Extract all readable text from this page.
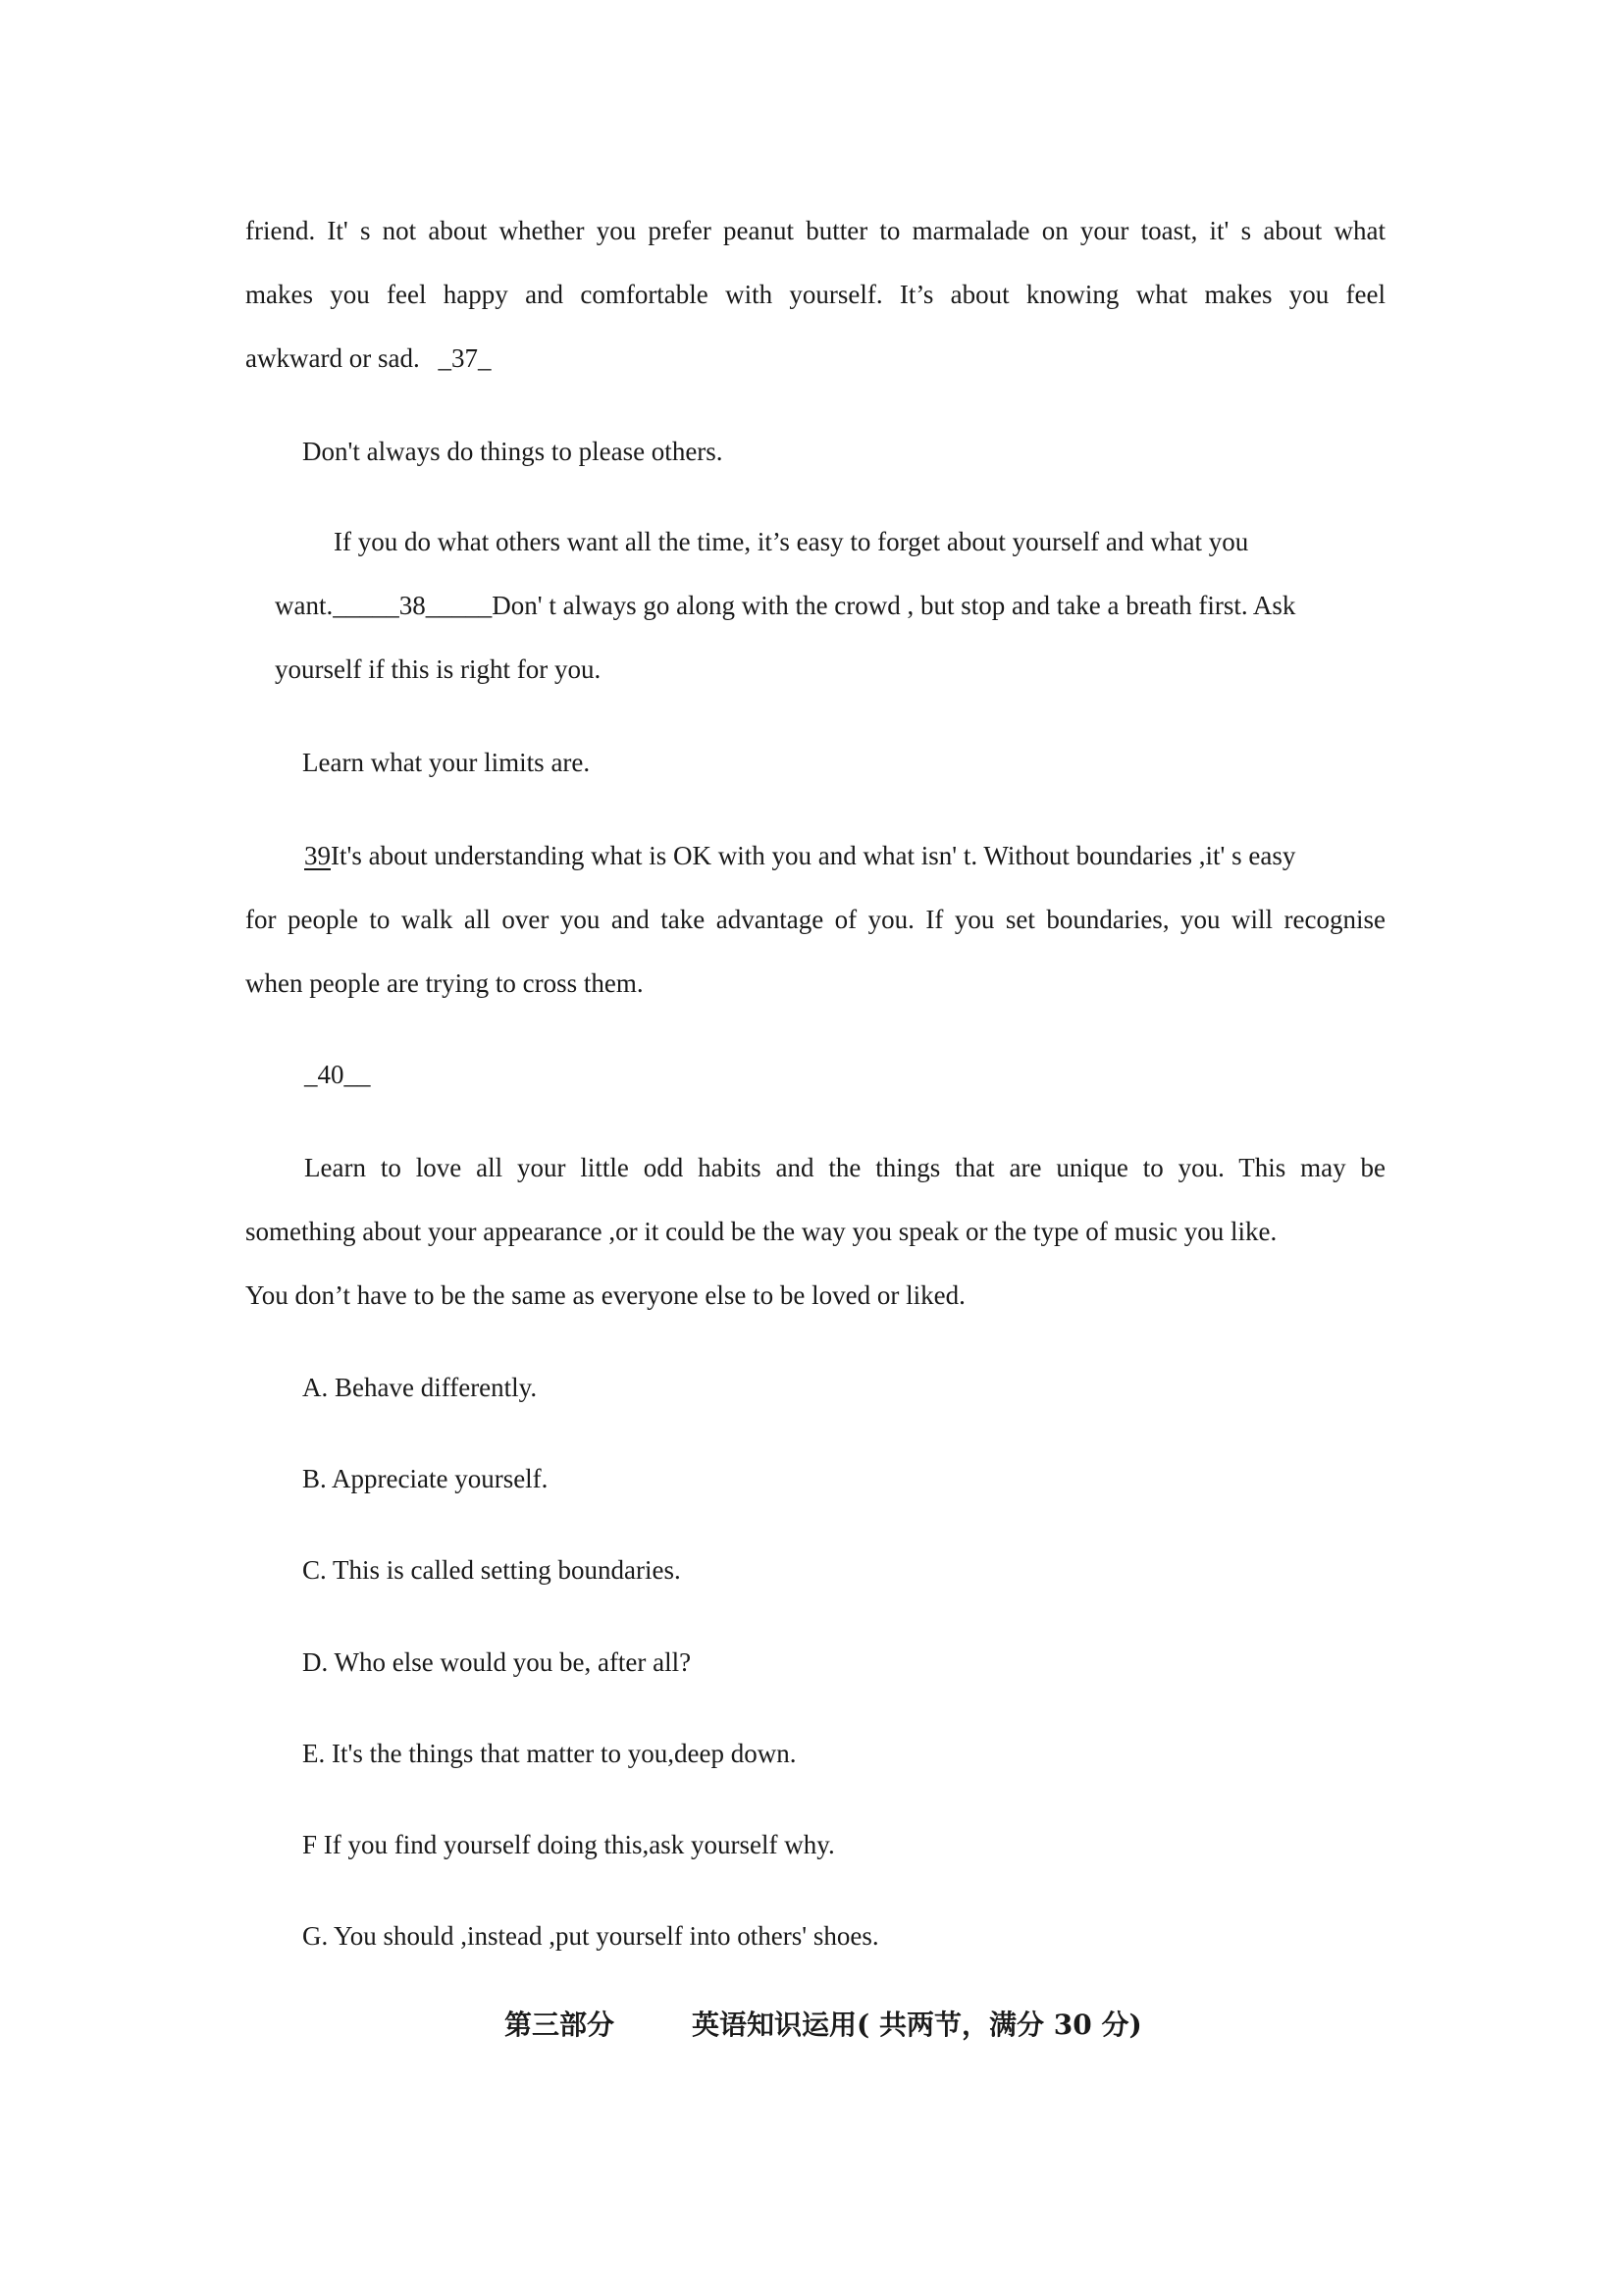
friend. It' s not about whether you prefer peanut butter to marmalade on your toast, it' s about what
makes you feel happy and comfortable with yourself. It’s about knowing what makes you feel
awkward or sad. _37_
Don't always do things to please others.
If you do what others want all the time, it’s easy to forget about yourself and what you
want._____38_____Don' t always go along with the crowd , but stop and take a breath first. Ask
yourself if this is right for you.
Learn what your limits are.
39It's about understanding what is OK with you and what isn' t. Without boundaries ,it' s easy
for people to walk all over you and take advantage of you. If you set boundaries, you will recognise
when people are trying to cross them.
_40__
Learn to love all your little odd habits and the things that are unique to you. This may be
something about your appearance ,or it could be the way you speak or the type of music you like.
You don’t have to be the same as everyone else to be loved or liked.
A. Behave differently.
B. Appreciate yourself.
C. This is called setting boundaries.
D. Who else would you be, after all?
E. It's the things that matter to you,deep down.
F If you find yourself doing this,ask yourself why.
G. You should ,instead ,put yourself into others' shoes.
第三部分	英语知识运用( 共两节，满分 30 分)
